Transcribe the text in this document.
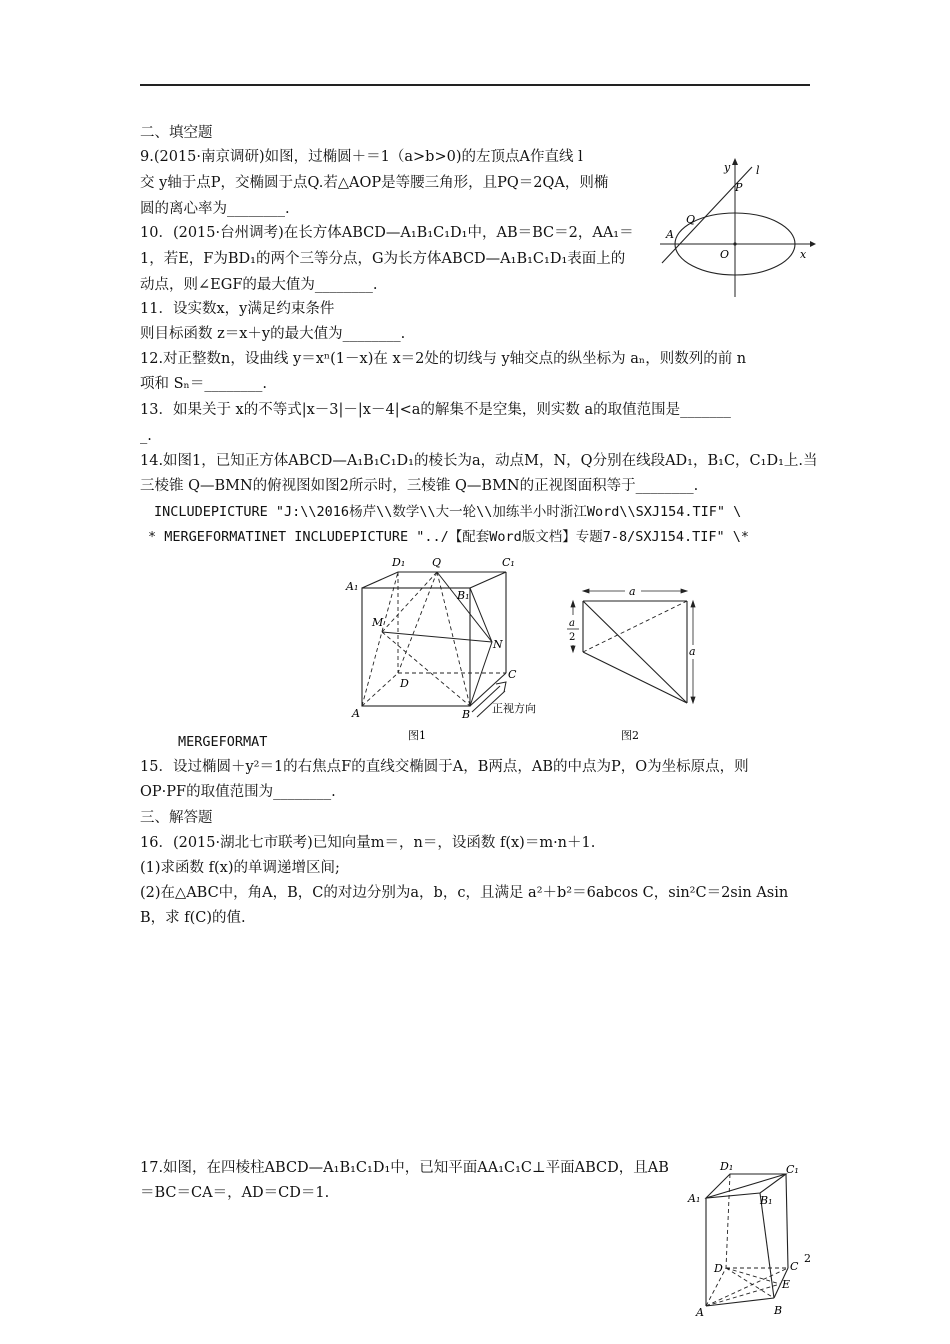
二、填空题
9.(2015·南京调研)如图，过椭圆＋＝1（a>b>0)的左顶点A作直线 l
交 y轴于点P，交椭圆于点Q.若△AOP是等腰三角形，且PQ＝2QA，则椭
圆的离心率为________.
10．(2015·台州调考)在长方体ABCD—A₁B₁C₁D₁中，AB＝BC＝2，AA₁＝
1，若E，F为BD₁的两个三等分点，G为长方体ABCD—A₁B₁C₁D₁表面上的
动点，则∠EGF的最大值为________.
11．设实数x，y满足约束条件
则目标函数 z＝x＋y的最大值为________.
12.对正整数n，设曲线 y＝xⁿ(1－x)在 x＝2处的切线与 y轴交点的纵坐标为 aₙ，则数列的前 n
项和 Sₙ＝________.
13．如果关于 x的不等式|x－3|－|x－4|<a的解集不是空集，则实数 a的取值范围是_______
_.
14.如图1，已知正方体ABCD—A₁B₁C₁D₁的棱长为a，动点M，N，Q分别在线段AD₁，B₁C，C₁D₁上.当
三棱锥 Q—BMN的俯视图如图2所示时，三棱锥 Q—BMN的正视图面积等于________.
INCLUDEPICTURE "J:\\2016杨芹\\数学\\大一轮\\加练半小时浙江Word\\SXJ154.TIF" \
* MERGEFORMATINET INCLUDEPICTURE "../【配套Word版文档】专题7-8/SXJ154.TIF" \*
MERGEFORMAT
15．设过椭圆＋y²＝1的右焦点F的直线交椭圆于A，B两点，AB的中点为P，O为坐标原点，则
OP·PF的取值范围为________.
三、解答题
16．(2015·湖北七市联考)已知向量m＝，n＝，设函数 f(x)＝m·n＋1.
(1)求函数 f(x)的单调递增区间;
(2)在△ABC中，角A，B，C的对边分别为a，b，c，且满足 a²＋b²＝6abcos C，sin²C＝2sin Asin
B，求 f(C)的值.
17.如图，在四棱柱ABCD—A₁B₁C₁D₁中，已知平面AA₁C₁C⊥平面ABCD，且AB
＝BC＝CA＝，AD＝CD＝1.
y l
P
Q
A
O	x
D₁ Q	C₁
A₁
B₁
M
N
C
D
A	B 正视方向
图1
a
a
2
a
图2
D₁	C₁
A₁	B₁
D	C
E
A	B
2
